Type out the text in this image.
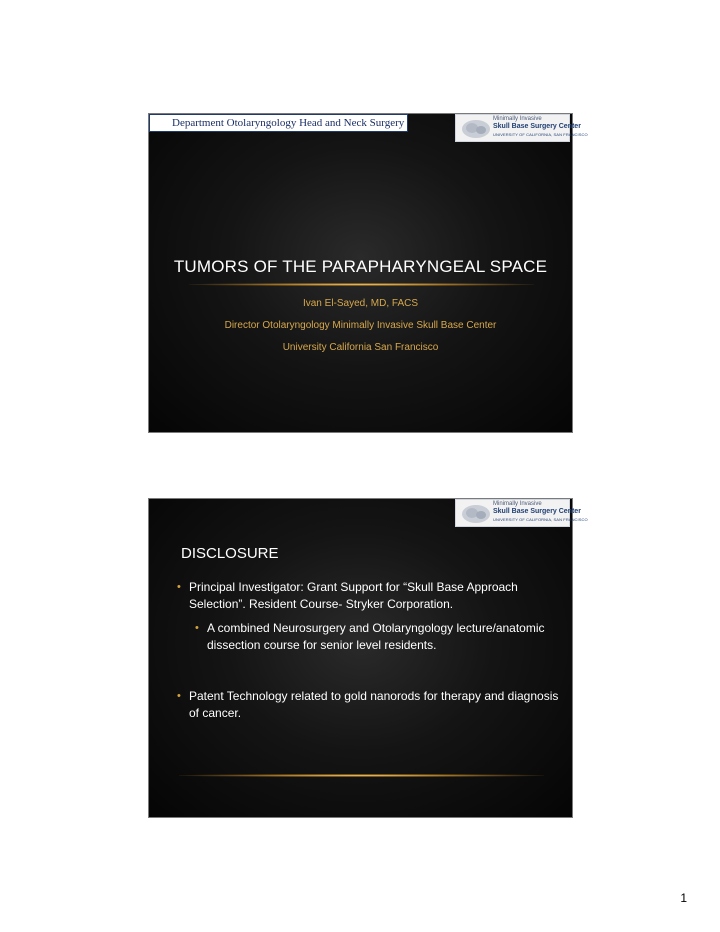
Department Otolaryngology Head and Neck Surgery	Minimally Invasive
Skull Base Surgery Center
UNIVERSITY OF CALIFORNIA, SAN FRANCISCO
TUMORS OF THE PARAPHARYNGEAL SPACE
Ivan El-Sayed, MD, FACS
Director Otolaryngology Minimally Invasive Skull Base Center
University California San Francisco
Minimally Invasive
Skull Base Surgery Center
UNIVERSITY OF CALIFORNIA, SAN FRANCISCO
DISCLOSURE
• Principal Investigator: Grant Support for “Skull Base Approach Selection”. Resident Course- Stryker Corporation.
• A combined Neurosurgery and Otolaryngology lecture/anatomic dissection course for senior level residents.
• Patent Technology related to gold nanorods for therapy and diagnosis of cancer.
1
